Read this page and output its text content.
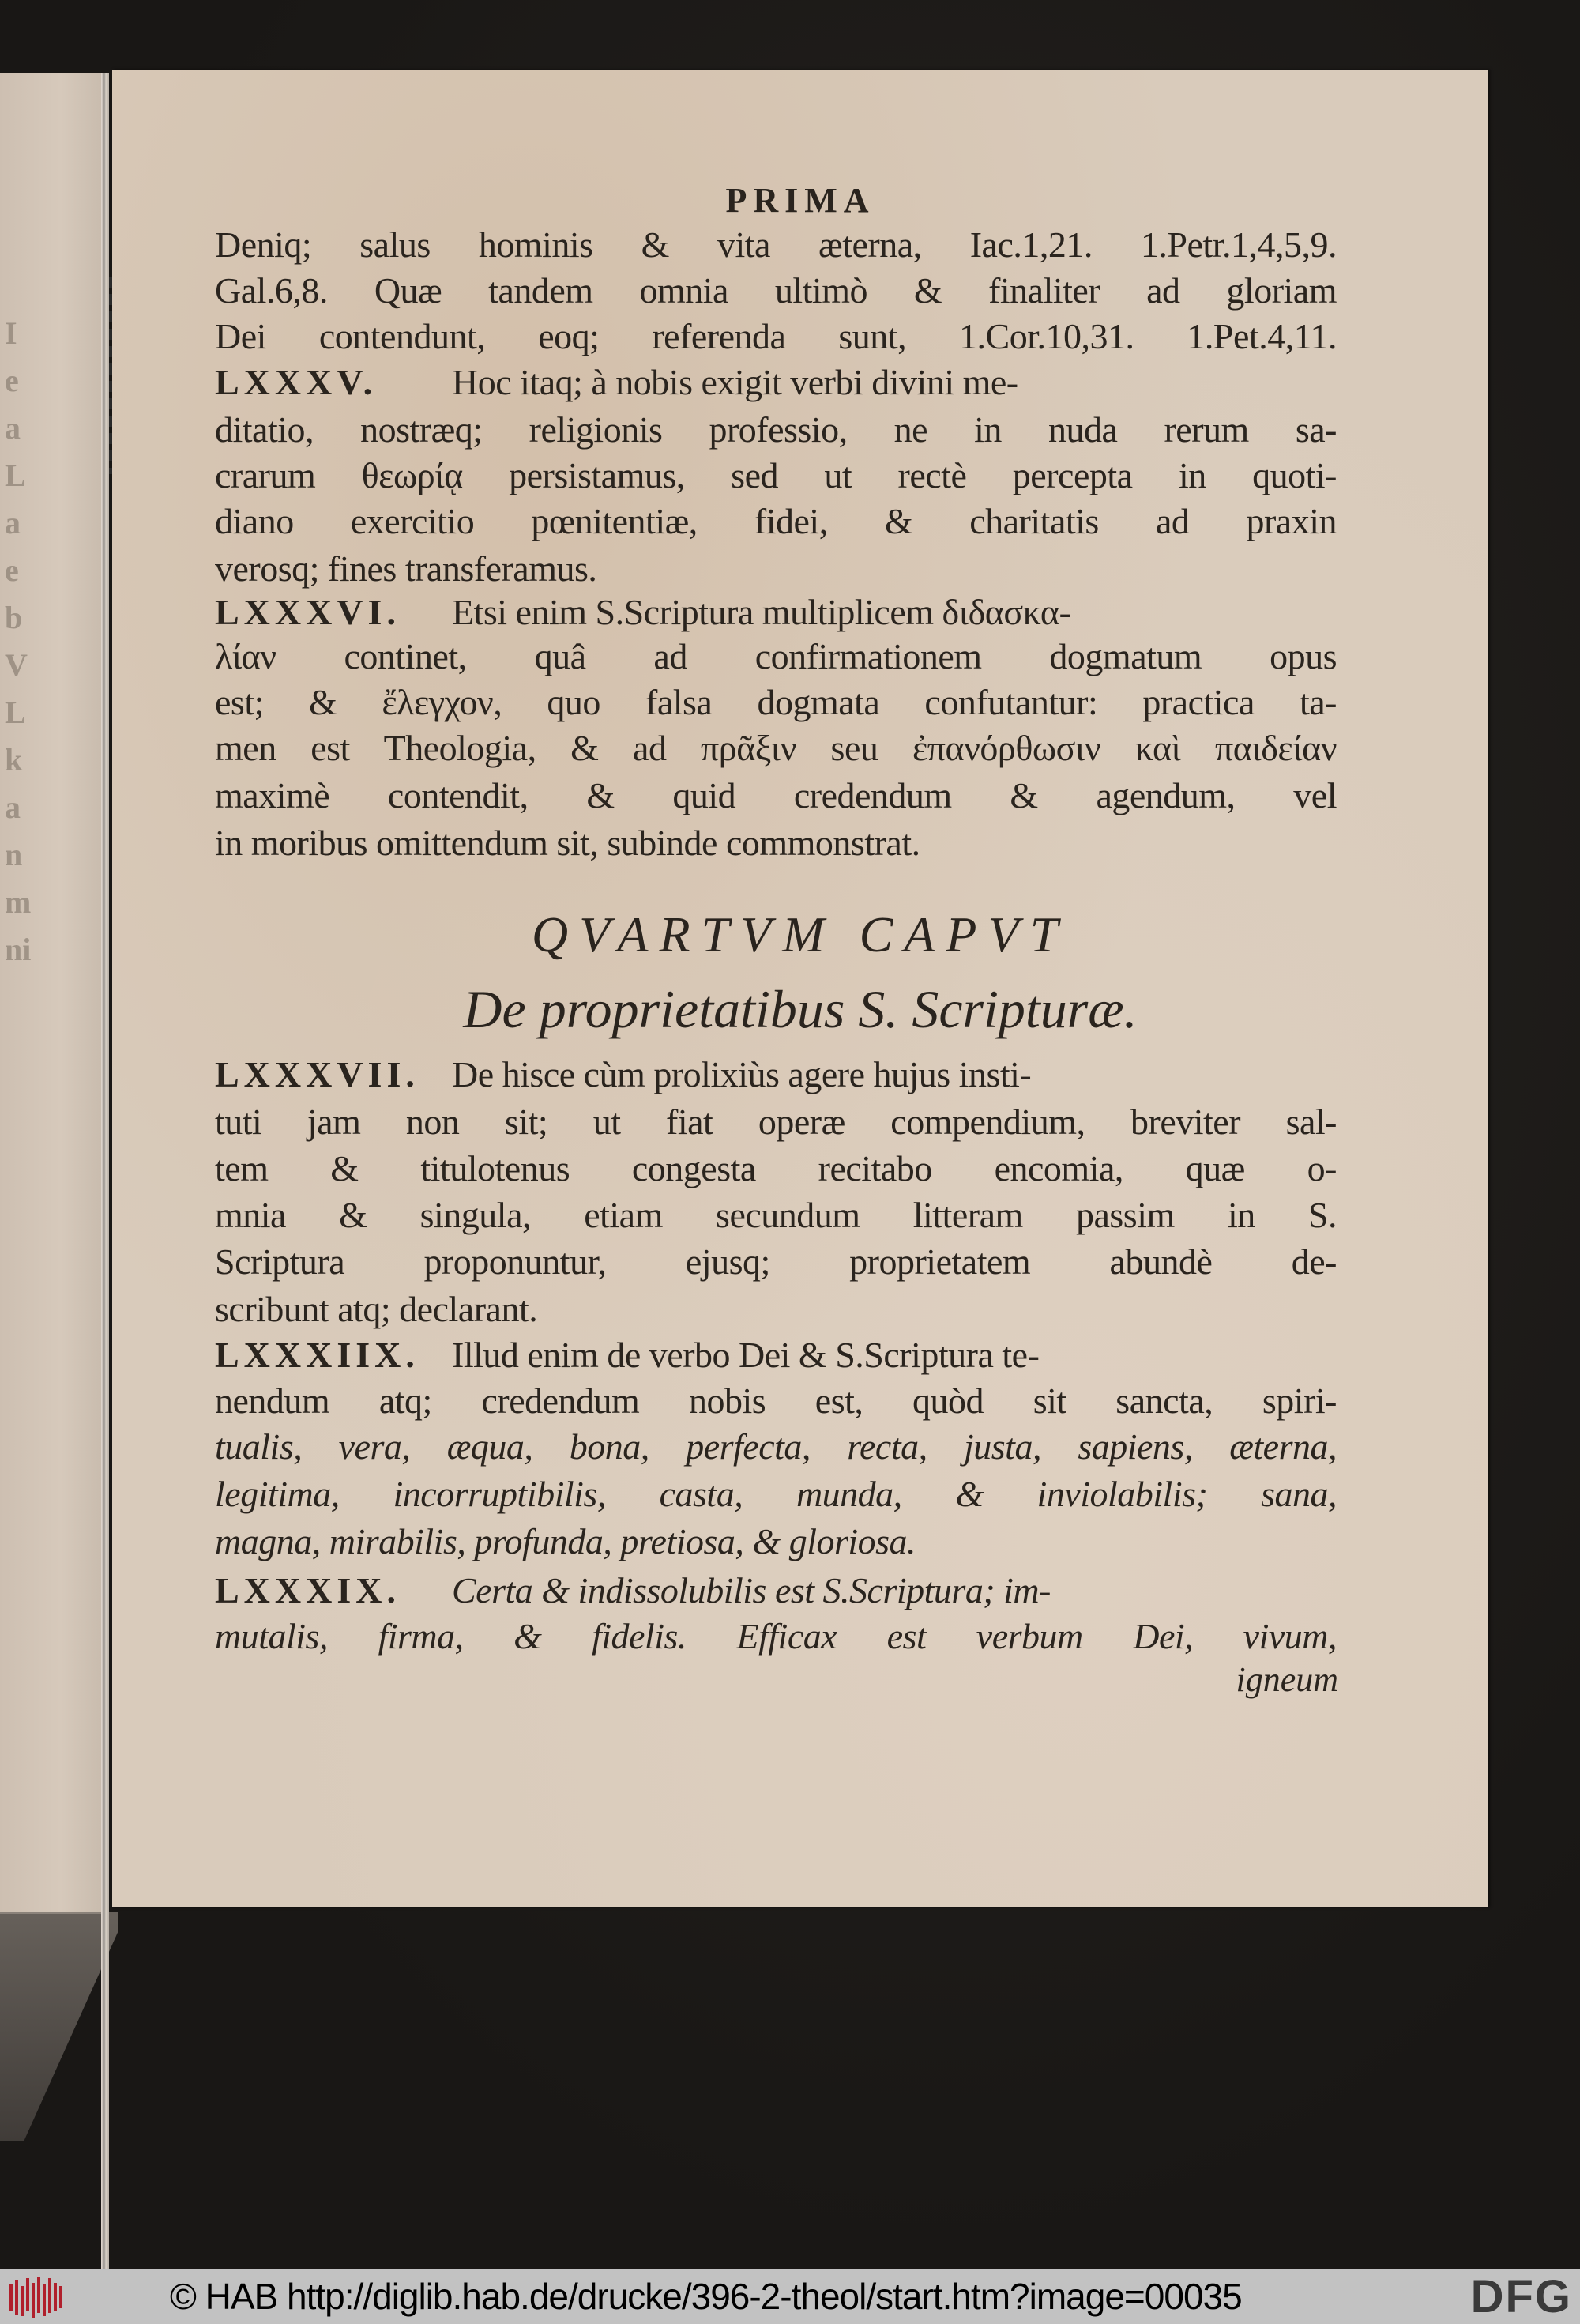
I
e
a
L
a
e
b
V
L
k
a
n
m
ni
PRIMA
Deniq; salus hominis & vita æterna, Iac.1,21. 1.Petr.1,4,5,9.
Gal.6,8. Quæ tandem omnia ultimò & finaliter ad gloriam
Dei contendunt, eoq; referenda sunt, 1.Cor.10,31. 1.Pet.4,11.
LXXXV. Hoc itaq; à nobis exigit verbi divini me-
ditatio, nostræq; religionis professio, ne in nuda rerum sa-
crarum θεωρίᾳ persistamus, sed ut rectè percepta in quoti-
diano exercitio pœnitentiæ, fidei, & charitatis ad praxin
verosq; fines transferamus.
LXXXVI. Etsi enim S.Scriptura multiplicem διδασκα-
λίαν continet, quâ ad confirmationem dogmatum opus
est; & ἔλεγχον, quo falsa dogmata confutantur: practica ta-
men est Theologia, & ad πρᾶξιν seu ἐπανόρθωσιν καὶ παιδείαν
maximè contendit, & quid credendum & agendum, vel
in moribus omittendum sit, subinde commonstrat.
QVARTVM CAPVT
De proprietatibus S. Scripturæ.
LXXXVII. De hisce cùm prolixiùs agere hujus insti-
tuti jam non sit; ut fiat operæ compendium, breviter sal-
tem & titulotenus congesta recitabo encomia, quæ o-
mnia & singula, etiam secundum litteram passim in S.
Scriptura proponuntur, ejusq; proprietatem abundè de-
scribunt atq; declarant.
LXXXIIX. Illud enim de verbo Dei & S.Scriptura te-
nendum atq; credendum nobis est, quòd sit sancta, spiri-
tualis, vera, æqua, bona, perfecta, recta, justa, sapiens, æterna,
legitima, incorruptibilis, casta, munda, & inviolabilis; sana,
magna, mirabilis, profunda, pretiosa, & gloriosa.
LXXXIX. Certa & indissolubilis est S.Scriptura; im-
mutalis, firma, & fidelis. Efficax est verbum Dei, vivum,
igneum
© HAB http://diglib.hab.de/drucke/396-2-theol/start.htm?image=00035	DFG
